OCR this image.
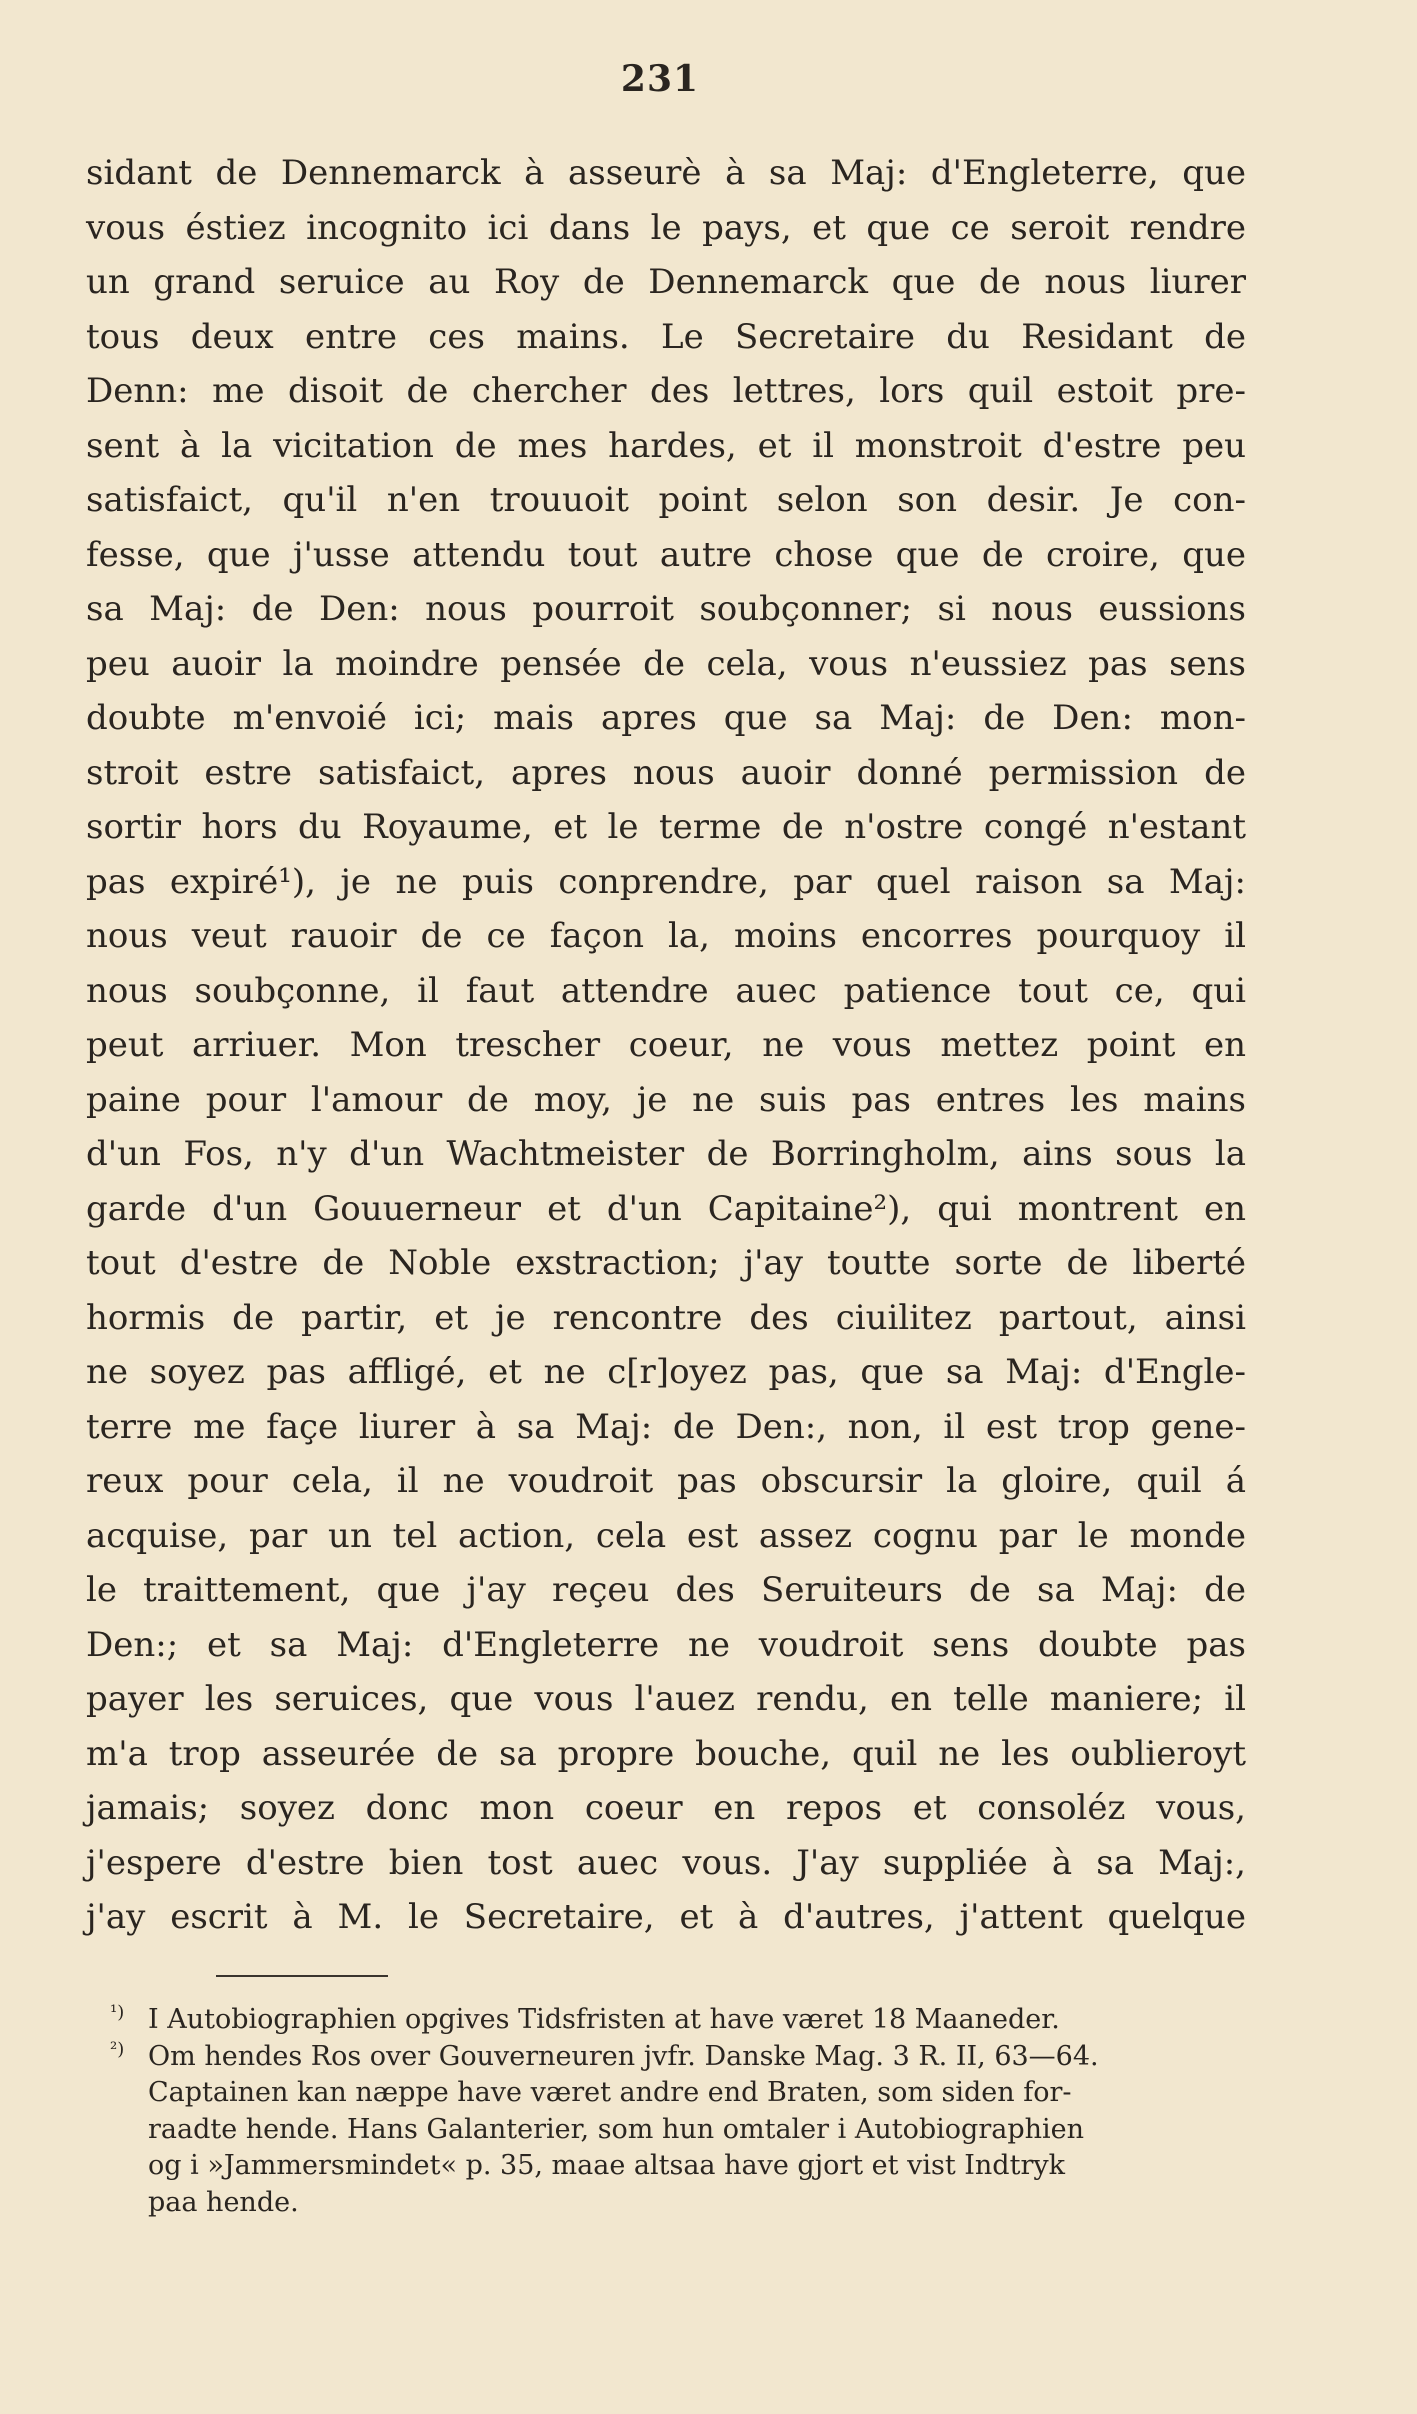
231
sidant de Dennemarck à asseurè à sa Maj: d'Engleterre, que
vous éstiez incognito ici dans le pays, et que ce seroit rendre
un grand seruice au Roy de Dennemarck que de nous liurer
tous deux entre ces mains. Le Secretaire du Residant de
Denn: me disoit de chercher des lettres, lors quil estoit pre-
sent à la vicitation de mes hardes, et il monstroit d'estre peu
satisfaict, qu'il n'en trouuoit point selon son desir. Je con-
fesse, que j'usse attendu tout autre chose que de croire, que
sa Maj: de Den: nous pourroit soubçonner; si nous eussions
peu auoir la moindre pensée de cela, vous n'eussiez pas sens
doubte m'envoié ici; mais apres que sa Maj: de Den: mon-
stroit estre satisfaict, apres nous auoir donné permission de
sortir hors du Royaume, et le terme de n'ostre congé n'estant
pas expiré¹), je ne puis conprendre, par quel raison sa Maj:
nous veut rauoir de ce façon la, moins encorres pourquoy il
nous soubçonne, il faut attendre auec patience tout ce, qui
peut arriuer. Mon trescher coeur, ne vous mettez point en
paine pour l'amour de moy, je ne suis pas entres les mains
d'un Fos, n'y d'un Wachtmeister de Borringholm, ains sous la
garde d'un Gouuerneur et d'un Capitaine²), qui montrent en
tout d'estre de Noble exstraction; j'ay toutte sorte de liberté
hormis de partir, et je rencontre des ciuilitez partout, ainsi
ne soyez pas affligé, et ne c[r]oyez pas, que sa Maj: d'Engle-
terre me façe liurer à sa Maj: de Den:, non, il est trop gene-
reux pour cela, il ne voudroit pas obscursir la gloire, quil á
acquise, par un tel action, cela est assez cognu par le monde
le traittement, que j'ay reçeu des Seruiteurs de sa Maj: de
Den:; et sa Maj: d'Engleterre ne voudroit sens doubte pas
payer les seruices, que vous l'auez rendu, en telle maniere; il
m'a trop asseurée de sa propre bouche, quil ne les oublieroyt
jamais; soyez donc mon coeur en repos et consoléz vous,
j'espere d'estre bien tost auec vous. J'ay suppliée à sa Maj:,
j'ay escrit à M. le Secretaire, et à d'autres, j'attent quelque
¹) I Autobiographien opgives Tidsfristen at have været 18 Maaneder.
²) Om hendes Ros over Gouverneuren jvfr. Danske Mag. 3 R. II, 63—64.
Captainen kan næppe have været andre end Braten, som siden for-
raadte hende. Hans Galanterier, som hun omtaler i Autobiographien
og i »Jammersmindet« p. 35, maae altsaa have gjort et vist Indtryk
paa hende.
